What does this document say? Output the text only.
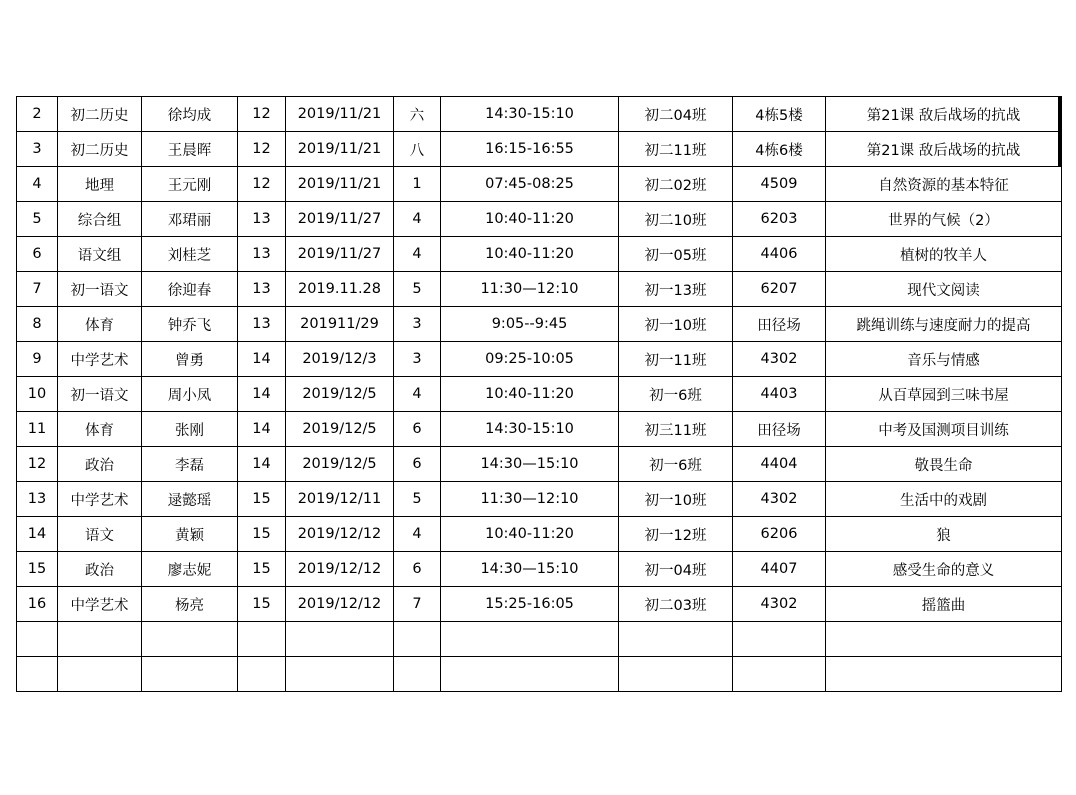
2	初二历史	徐均成	12	2019/11/21	六	14:30-15:10	初二04班	4栋5楼	第21课 敌后战场的抗战
3	初二历史	王晨晖	12	2019/11/21	八	16:15-16:55	初二11班	4栋6楼	第21课 敌后战场的抗战
4	地理	王元刚	12	2019/11/21	1	07:45-08:25	初二02班	4509	自然资源的基本特征
5	综合组	邓珺丽	13	2019/11/27	4	10:40-11:20	初二10班	6203	世界的气候（2）
6	语文组	刘桂芝	13	2019/11/27	4	10:40-11:20	初一05班	4406	植树的牧羊人
7	初一语文	徐迎春	13	2019.11.28	5	11:30—12:10	初一13班	6207	现代文阅读
8	体育	钟乔飞	13	201911/29	3	9:05--9:45	初一10班	田径场	跳绳训练与速度耐力的提高
9	中学艺术	曾勇	14	2019/12/3	3	09:25-10:05	初一11班	4302	音乐与情感
10	初一语文	周小凤	14	2019/12/5	4	10:40-11:20	初一6班	4403	从百草园到三味书屋
11	体育	张刚	14	2019/12/5	6	14:30-15:10	初三11班	田径场	中考及国测项目训练
12	政治	李磊	14	2019/12/5	6	14:30—15:10	初一6班	4404	敬畏生命
13	中学艺术	逯懿瑶	15	2019/12/11	5	11:30—12:10	初一10班	4302	生活中的戏剧
14	语文	黄颖	15	2019/12/12	4	10:40-11:20	初一12班	6206	狼
15	政治	廖志妮	15	2019/12/12	6	14:30—15:10	初一04班	4407	感受生命的意义
16	中学艺术	杨亮	15	2019/12/12	7	15:25-16:05	初二03班	4302	摇篮曲
